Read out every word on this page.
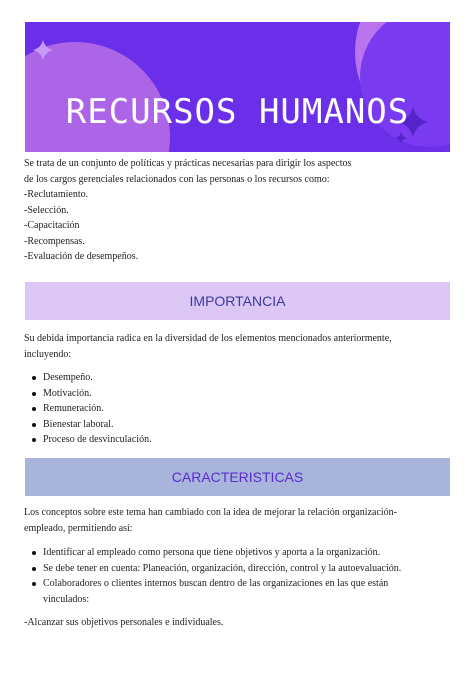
RECURSOS HUMANOS
Se trata de un conjunto de políticas y prácticas necesarias para dirigir los aspectos
de los cargos gerenciales relacionados con las personas o los recursos como:
-Reclutamiento.
-Selección.
-Capacitación
-Recompensas.
-Evaluación de desempeños.
IMPORTANCIA
Su debida importancia radica en la diversidad de los elementos mencionados anteriormente,
incluyendo:
Desempeño.
Motivación.
Remuneración.
Bienestar laboral.
Proceso de desvinculación.
CARACTERISTICAS
Los conceptos sobre este tema han cambiado con la idea de mejorar la relación organización-
empleado, permitiendo así:
Identificar al empleado como persona que tiene objetivos y aporta a la organización.
Se debe tener en cuenta: Planeación, organización, dirección, control y la autoevaluación.
Colaboradores o clientes internos buscan dentro de las organizaciones en las que están
vinculados:
-Alcanzar sus objetivos personales e individuales.
